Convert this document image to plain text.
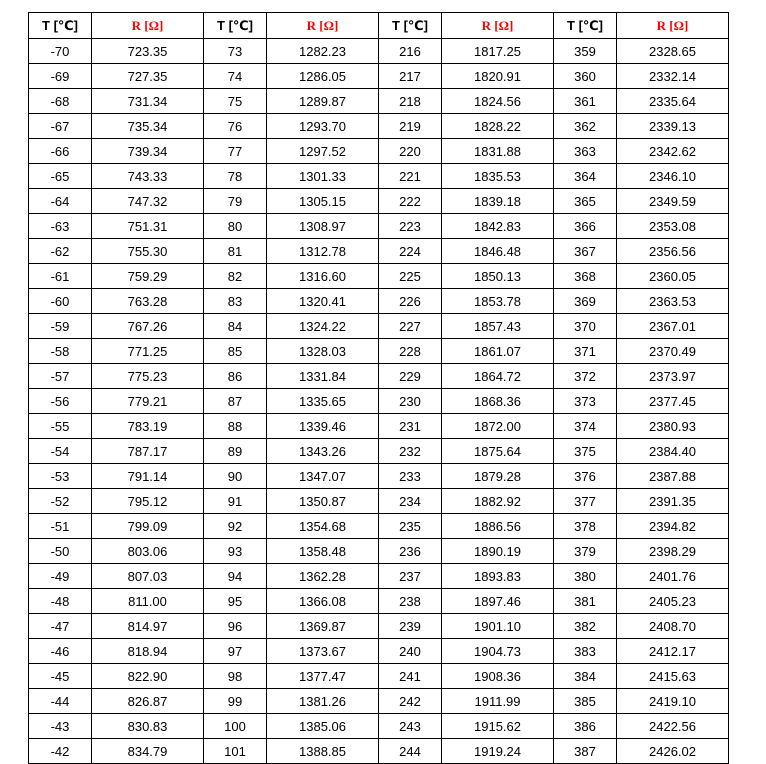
T [℃]	R [Ω]	T [℃]	R [Ω]	T [℃]	R [Ω]	T [℃]	R [Ω]
-70	723.35	73	1282.23	216	1817.25	359	2328.65
-69	727.35	74	1286.05	217	1820.91	360	2332.14
-68	731.34	75	1289.87	218	1824.56	361	2335.64
-67	735.34	76	1293.70	219	1828.22	362	2339.13
-66	739.34	77	1297.52	220	1831.88	363	2342.62
-65	743.33	78	1301.33	221	1835.53	364	2346.10
-64	747.32	79	1305.15	222	1839.18	365	2349.59
-63	751.31	80	1308.97	223	1842.83	366	2353.08
-62	755.30	81	1312.78	224	1846.48	367	2356.56
-61	759.29	82	1316.60	225	1850.13	368	2360.05
-60	763.28	83	1320.41	226	1853.78	369	2363.53
-59	767.26	84	1324.22	227	1857.43	370	2367.01
-58	771.25	85	1328.03	228	1861.07	371	2370.49
-57	775.23	86	1331.84	229	1864.72	372	2373.97
-56	779.21	87	1335.65	230	1868.36	373	2377.45
-55	783.19	88	1339.46	231	1872.00	374	2380.93
-54	787.17	89	1343.26	232	1875.64	375	2384.40
-53	791.14	90	1347.07	233	1879.28	376	2387.88
-52	795.12	91	1350.87	234	1882.92	377	2391.35
-51	799.09	92	1354.68	235	1886.56	378	2394.82
-50	803.06	93	1358.48	236	1890.19	379	2398.29
-49	807.03	94	1362.28	237	1893.83	380	2401.76
-48	811.00	95	1366.08	238	1897.46	381	2405.23
-47	814.97	96	1369.87	239	1901.10	382	2408.70
-46	818.94	97	1373.67	240	1904.73	383	2412.17
-45	822.90	98	1377.47	241	1908.36	384	2415.63
-44	826.87	99	1381.26	242	1911.99	385	2419.10
-43	830.83	100	1385.06	243	1915.62	386	2422.56
-42	834.79	101	1388.85	244	1919.24	387	2426.02
